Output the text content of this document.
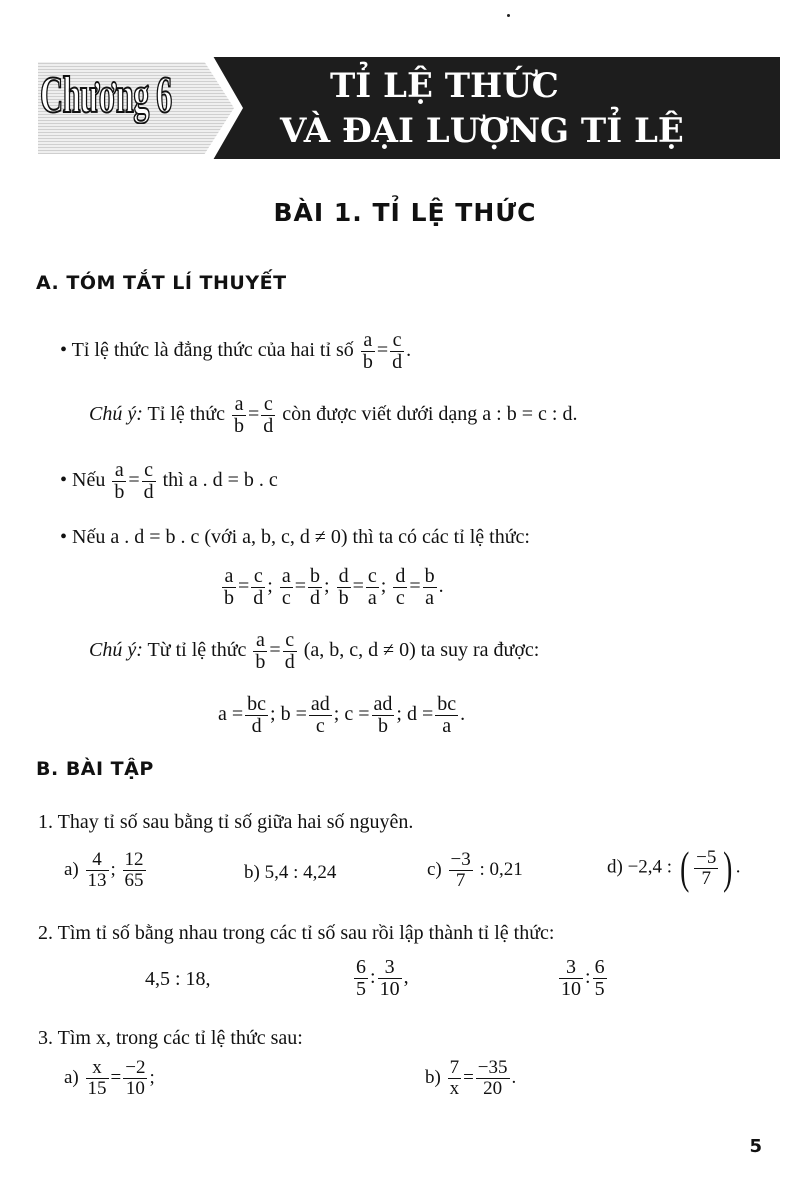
Chương 6	TỈ LỆ THỨC
VÀ ĐẠI LƯỢNG TỈ LỆ
BÀI 1. TỈ LỆ THỨC
A. TÓM TẮT LÍ THUYẾT
• Tỉ lệ thức là đẳng thức của hai tỉ số $\frac{a}{b} = \frac{c}{d}$ .
Chú ý: Tỉ lệ thức $\frac{a}{b} = \frac{c}{d}$ còn được viết dưới dạng a : b = c : d.
• Nếu $\frac{a}{b} = \frac{c}{d}$ thì a . d = b . c
• Nếu a . d = b . c (với a, b, c, d ≠ 0) thì ta có các tỉ lệ thức:
$\frac{a}{b} = \frac{c}{d}$ ; $\frac{a}{c} = \frac{b}{d}$ ; $\frac{d}{b} = \frac{c}{a}$ ; $\frac{d}{c} = \frac{b}{a}$ .
Chú ý: Từ tỉ lệ thức $\frac{a}{b} = \frac{c}{d} (a$, b, c, d ≠ 0) ta suy ra được:
$a = \frac{bc}{d}$ ; $b = \frac{ad}{c}$ ; $c = \frac{ad}{b}$ ; $d = \frac{bc}{a}$ .
B. BÀI TẬP
1. Thay tỉ số sau bằng tỉ số giữa hai số nguyên.
$a) \frac{4}{13}$ ; $\frac{12}{65}$	b) 5,4 : 4,24	$c) \frac{-3}{7}$ : 0,21	d) −2,4 : ( $\frac{-5}{7}$ ) .
2. Tìm tỉ số bằng nhau trong các tỉ số sau rồi lập thành tỉ lệ thức:
4,5 : 18,	$\frac{6}{5}$ : $\frac{3}{10}$ ,	$\frac{3}{10}$ : $\frac{6}{5}$
3. Tìm x, trong các tỉ lệ thức sau:
$a) \frac{x}{15} = \frac{-2}{10}$ ;	$b) \frac{7}{x} = \frac{-35}{20}$ .
5
